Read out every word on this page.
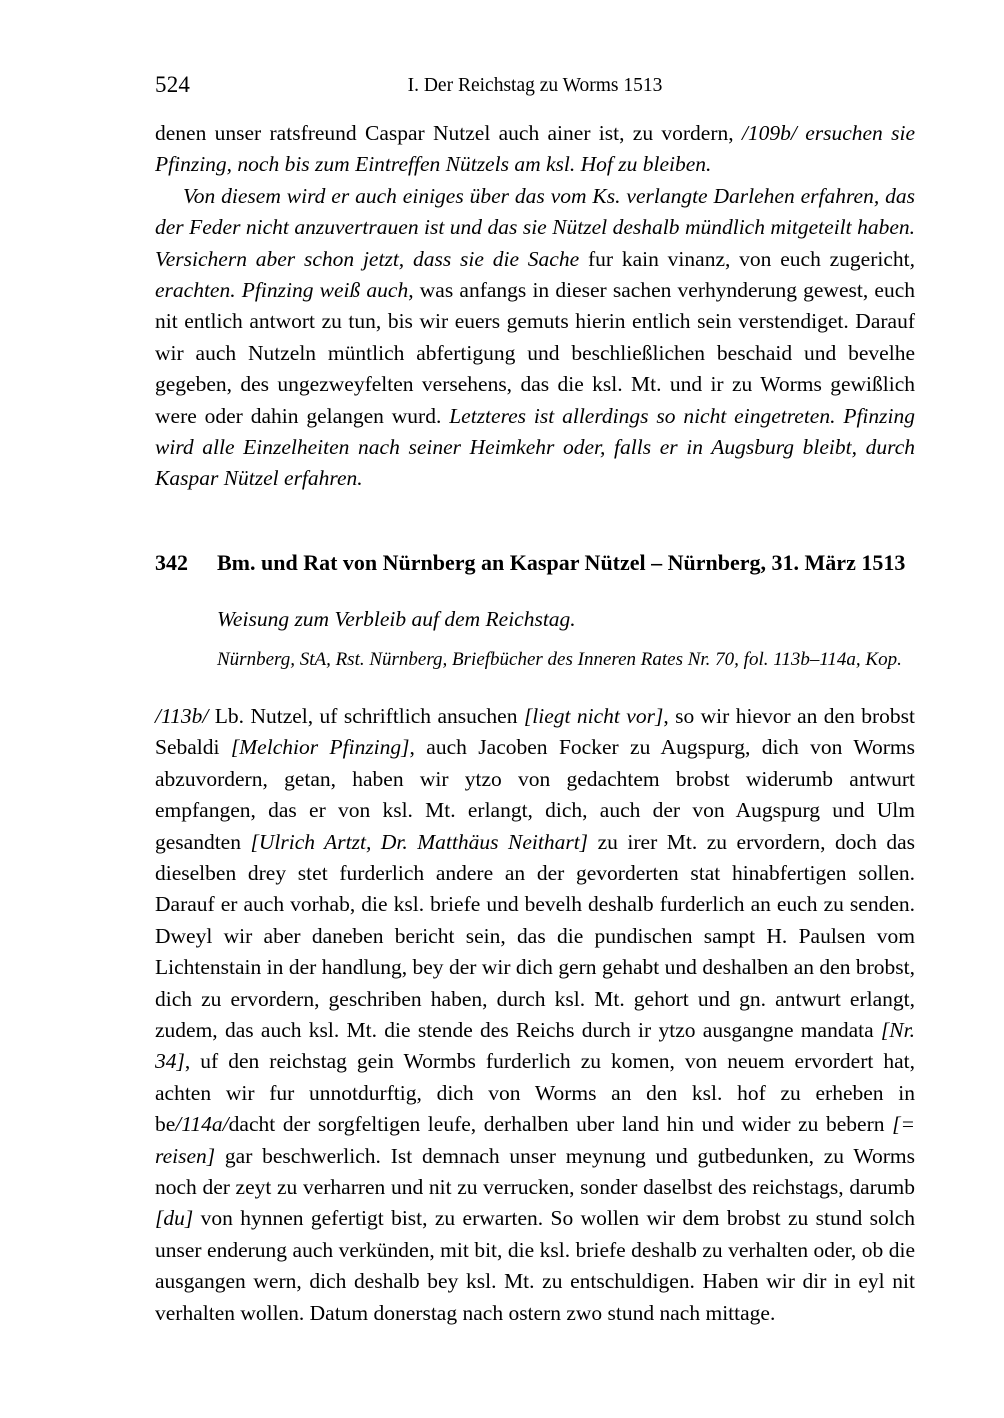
524	I. Der Reichstag zu Worms 1513

denen unser ratsfreund Caspar Nutzel auch ainer ist, zu vordern, /109b/ ersuchen sie Pfinzing, noch bis zum Eintreffen Nützels am ksl. Hof zu bleiben.

Von diesem wird er auch einiges über das vom Ks. verlangte Darlehen erfahren, das der Feder nicht anzuvertrauen ist und das sie Nützel deshalb mündlich mitgeteilt haben. Versichern aber schon jetzt, dass sie die Sache fur kain vinanz, von euch zugericht, erachten. Pfinzing weiß auch, was anfangs in dieser sachen verhynderung gewest, euch nit entlich antwort zu tun, bis wir euers gemuts hierin entlich sein verstendiget. Darauf wir auch Nutzeln müntlich abfertigung und beschließlichen beschaid und bevelhe gegeben, des ungezweyfelten versehens, das die ksl. Mt. und ir zu Worms gewißlich were oder dahin gelangen wurd. Letzteres ist allerdings so nicht eingetreten. Pfinzing wird alle Einzelheiten nach seiner Heimkehr oder, falls er in Augsburg bleibt, durch Kaspar Nützel erfahren.

342 Bm. und Rat von Nürnberg an Kaspar Nützel – Nürnberg, 31. März 1513

Weisung zum Verbleib auf dem Reichstag.

Nürnberg, StA, Rst. Nürnberg, Briefbücher des Inneren Rates Nr. 70, fol. 113b–114a, Kop.

/113b/ Lb. Nutzel, uf schriftlich ansuchen [liegt nicht vor], so wir hievor an den brobst Sebaldi [Melchior Pfinzing], auch Jacoben Focker zu Augspurg, dich von Worms abzuvordern, getan, haben wir ytzo von gedachtem brobst widerumb antwurt empfangen, das er von ksl. Mt. erlangt, dich, auch der von Augspurg und Ulm gesandten [Ulrich Artzt, Dr. Matthäus Neithart] zu irer Mt. zu ervordern, doch das dieselben drey stet furderlich andere an der gevorderten stat hinabfertigen sollen. Darauf er auch vorhab, die ksl. briefe und bevelh deshalb furderlich an euch zu senden. Dweyl wir aber daneben bericht sein, das die pundischen sampt H. Paulsen vom Lichtenstain in der handlung, bey der wir dich gern gehabt und deshalben an den brobst, dich zu ervordern, geschriben haben, durch ksl. Mt. gehort und gn. antwurt erlangt, zudem, das auch ksl. Mt. die stende des Reichs durch ir ytzo ausgangne mandata [Nr. 34], uf den reichstag gein Wormbs furderlich zu komen, von neuem ervordert hat, achten wir fur unnotdurftig, dich von Worms an den ksl. hof zu erheben in be/114a/dacht der sorgfeltigen leufe, derhalben uber land hin und wider zu bebern [= reisen] gar beschwerlich. Ist demnach unser meynung und gutbedunken, zu Worms noch der zeyt zu verharren und nit zu verrucken, sonder daselbst des reichstags, darumb [du] von hynnen gefertigt bist, zu erwarten. So wollen wir dem brobst zu stund solch unser enderung auch verkünden, mit bit, die ksl. briefe deshalb zu verhalten oder, ob die ausgangen wern, dich deshalb bey ksl. Mt. zu entschuldigen. Haben wir dir in eyl nit verhalten wollen. Datum donerstag nach ostern zwo stund nach mittage.
